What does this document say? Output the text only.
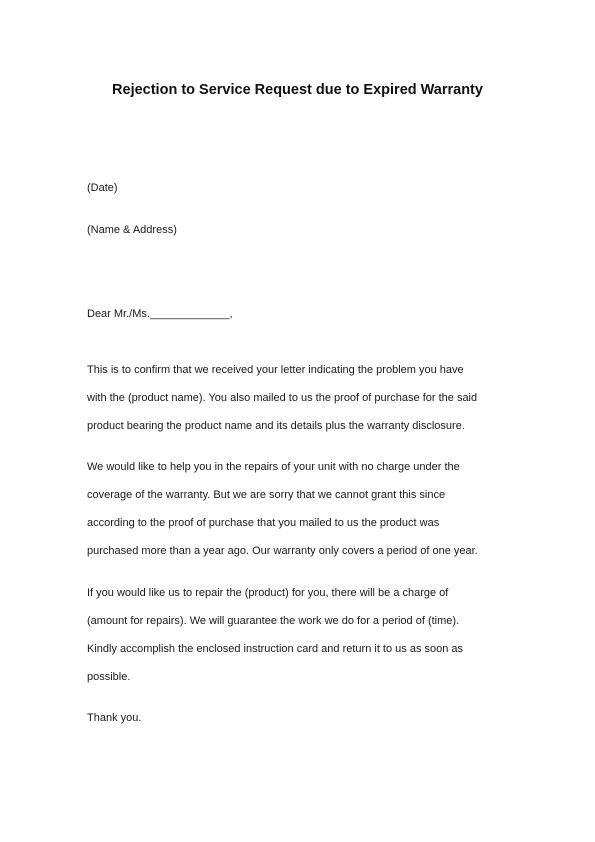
Rejection to Service Request due to Expired Warranty
(Date)
(Name & Address)
Dear Mr./Ms._____________,
This is to confirm that we received your letter indicating the problem you have
with the (product name). You also mailed to us the proof of purchase for the said
product bearing the product name and its details plus the warranty disclosure.
We would like to help you in the repairs of your unit with no charge under the
coverage of the warranty. But we are sorry that we cannot grant this since
according to the proof of purchase that you mailed to us the product was
purchased more than a year ago. Our warranty only covers a period of one year.
If you would like us to repair the (product) for you, there will be a charge of
(amount for repairs). We will guarantee the work we do for a period of (time).
Kindly accomplish the enclosed instruction card and return it to us as soon as
possible.
Thank you.
